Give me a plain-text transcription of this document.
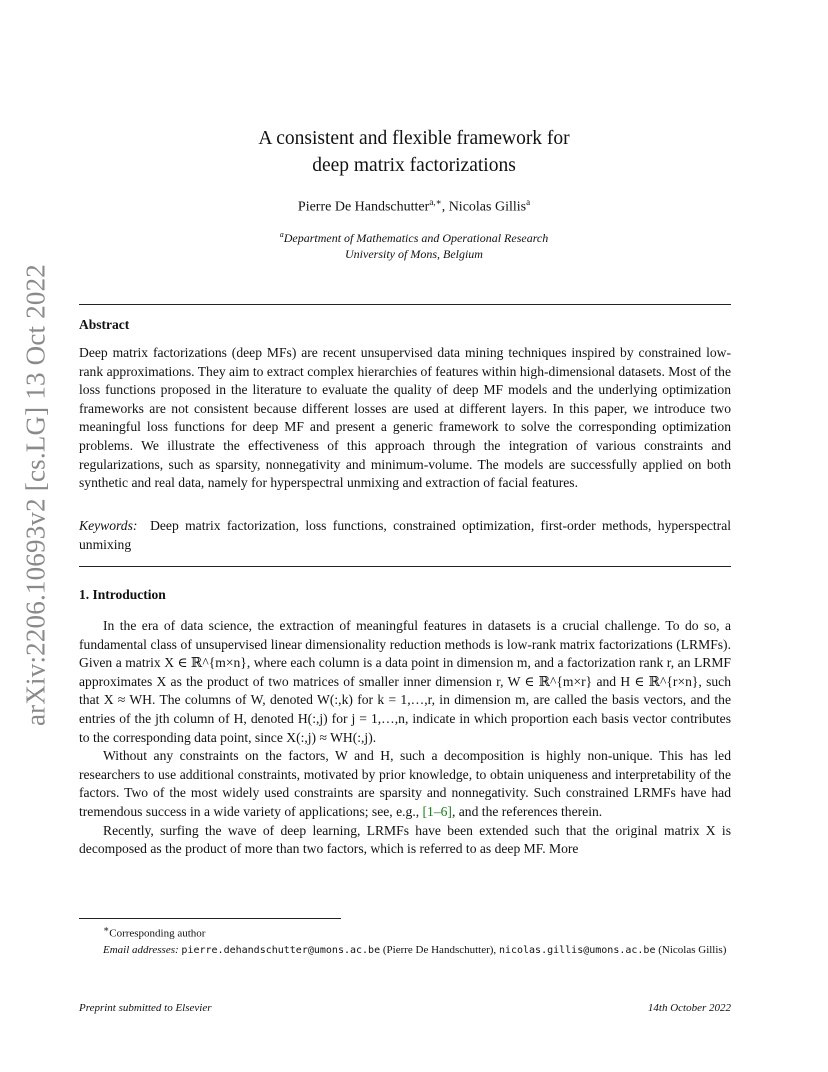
arXiv:2206.10693v2 [cs.LG] 13 Oct 2022
A consistent and flexible framework for
deep matrix factorizations
Pierre De Handschutter$^{a,∗}$, Nicolas Gillis$^a$
$^a$Department of Mathematics and Operational Research
University of Mons, Belgium
Abstract
Deep matrix factorizations (deep MFs) are recent unsupervised data mining techniques inspired by constrained low-rank approximations. They aim to extract complex hierarchies of features within high-dimensional datasets. Most of the loss functions proposed in the literature to evaluate the quality of deep MF models and the underlying optimization frameworks are not consistent because different losses are used at different layers. In this paper, we introduce two meaningful loss functions for deep MF and present a generic framework to solve the corresponding optimization problems. We illustrate the effectiveness of this approach through the integration of various constraints and regularizations, such as sparsity, nonnegativity and minimum-volume. The models are successfully applied on both synthetic and real data, namely for hyperspectral unmixing and extraction of facial features.
Keywords: Deep matrix factorization, loss functions, constrained optimization, first-order methods, hyperspectral unmixing
1. Introduction

In the era of data science, the extraction of meaningful features in datasets is a crucial challenge. To do so, a fundamental class of unsupervised linear dimensionality reduction methods is low-rank matrix factorizations (LRMFs). Given a matrix X ∈ ℝ^{m×n}, where each column is a data point in dimension m, and a factorization rank r, an LRMF approximates X as the product of two matrices of smaller inner dimension r, W ∈ ℝ^{m×r} and H ∈ ℝ^{r×n}, such that X ≈ WH. The columns of W, denoted W(:,k) for k = 1,…,r, in dimension m, are called the basis vectors, and the entries of the jth column of H, denoted H(:,j) for j = 1,…,n, indicate in which proportion each basis vector contributes to the corresponding data point, since X(:,j) ≈ WH(:,j).

Without any constraints on the factors, W and H, such a decomposition is highly non-unique. This has led researchers to use additional constraints, motivated by prior knowledge, to obtain uniqueness and interpretability of the factors. Two of the most widely used constraints are sparsity and nonnegativity. Such constrained LRMFs have had tremendous success in a wide variety of applications; see, e.g., [1–6], and the references therein.

Recently, surfing the wave of deep learning, LRMFs have been extended such that the original matrix X is decomposed as the product of more than two factors, which is referred to as deep MF. More

∗Corresponding author
Email addresses: pierre.dehandschutter@umons.ac.be (Pierre De Handschutter), nicolas.gillis@umons.ac.be (Nicolas Gillis)
Preprint submitted to Elsevier	14th October 2022
